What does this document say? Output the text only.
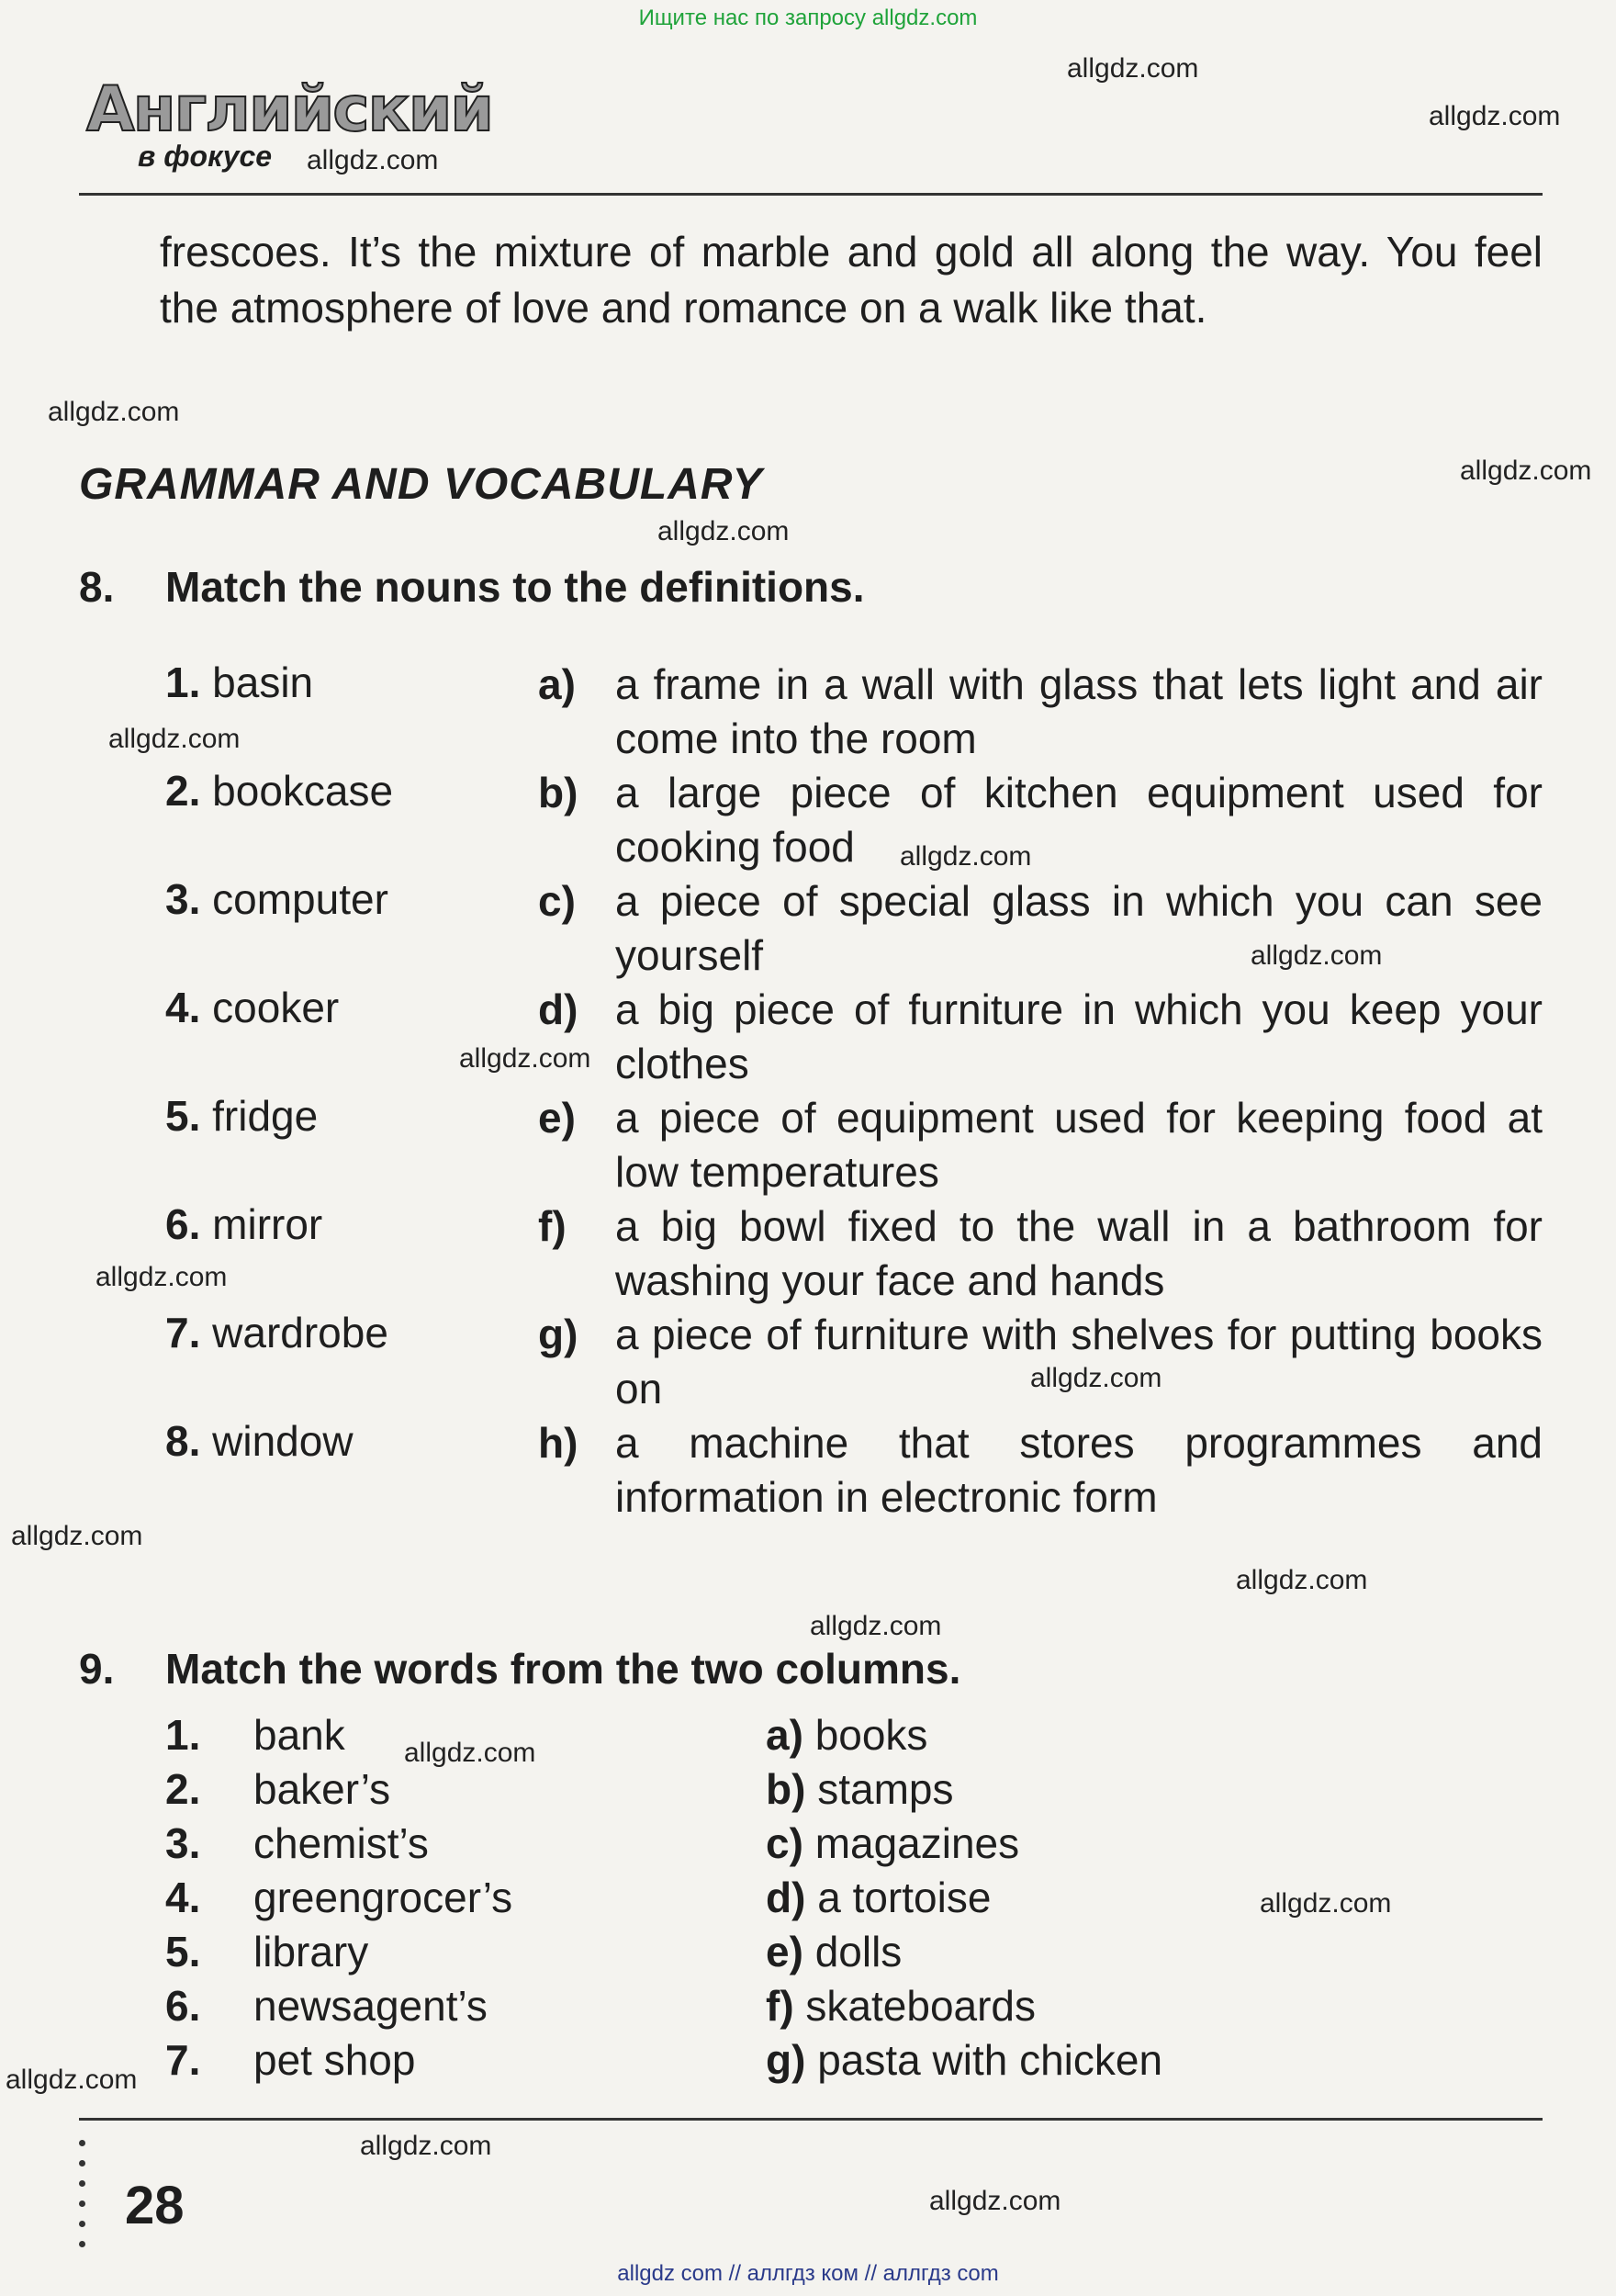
Ищите нас по запросу allgdz.com
allgdz.com
allgdz.com
allgdz.com
allgdz.com
allgdz.com
allgdz.com
allgdz.com
allgdz.com
allgdz.com
allgdz.com
allgdz.com
allgdz.com
allgdz.com
allgdz.com
allgdz.com
allgdz.com
allgdz.com
allgdz.com
allgdz.com
allgdz.com
Английский
в фокусе
frescoes. It’s the mixture of marble and gold all along the way. You feel the atmosphere of love and romance on a walk like that.
GRAMMAR AND VOCABULARY
8. Match the nouns to the definitions.
1. basin
2. bookcase
3. computer
4. cooker
5. fridge
6. mirror
7. wardrobe
8. window
a) a frame in a wall with glass that lets light and air come into the room
b) a large piece of kitchen equipment used for cooking food
c) a piece of special glass in which you can see yourself
d) a big piece of furniture in which you keep your clothes
e) a piece of equipment used for keeping food at low temperatures
f) a big bowl fixed to the wall in a bathroom for washing your face and hands
g) a piece of furniture with shelves for putting books on
h) a machine that stores programmes and information in electronic form
9. Match the words from the two columns.
1. bank
2. baker’s
3. chemist’s
4. greengrocer’s
5. library
6. newsagent’s
7. pet shop
a) books
b) stamps
c) magazines
d) a tortoise
e) dolls
f) skateboards
g) pasta with chicken
28
allgdz com // аллгдз ком // аллгдз com
